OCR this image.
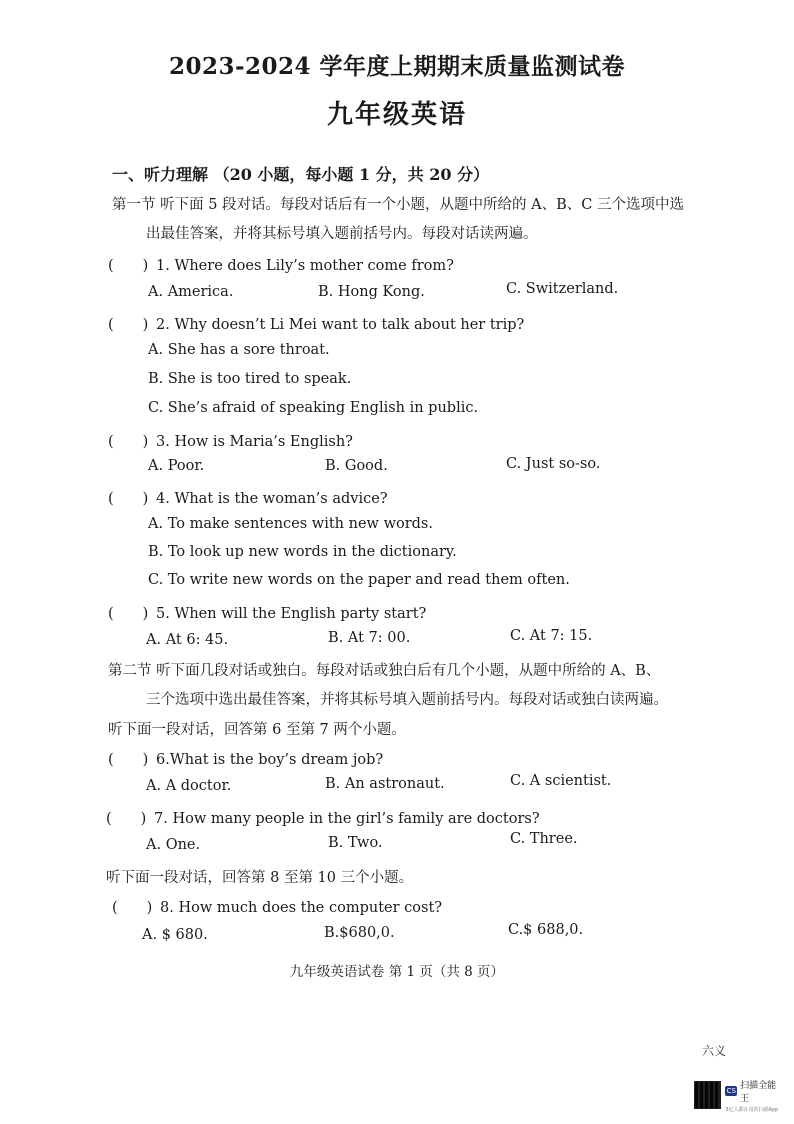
2023-2024 学年度上期期末质量监测试卷
九年级英语
一、听力理解 （20 小题，每小题 1 分，共 20 分）
第一节 听下面 5 段对话。每段对话后有一个小题，从题中所给的 A、B、C 三个选项中选
出最佳答案，并将其标号填入题前括号内。每段对话读两遍。
(　　) 1. Where does Lily’s mother come from?
A. America.	B. Hong Kong.	C. Switzerland.
(　　) 2. Why doesn’t Li Mei want to talk about her trip?
A. She has a sore throat.
B. She is too tired to speak.
C. She’s afraid of speaking English in public.
(　　) 3. How is Maria’s English?
A. Poor.	B. Good.	C. Just so-so.
(　　) 4. What is the woman’s advice?
A. To make sentences with new words.
B. To look up new words in the dictionary.
C. To write new words on the paper and read them often.
(　　) 5. When will the English party start?
A. At 6: 45.	B. At 7: 00.	C. At 7: 15.
第二节 听下面几段对话或独白。每段对话或独白后有几个小题，从题中所给的 A、B、
三个选项中选出最佳答案，并将其标号填入题前括号内。每段对话或独白读两遍。
听下面一段对话，回答第 6 至第 7 两个小题。
(　　) 6.What is the boy’s dream job?
A. A doctor.	B. An astronaut.	C. A scientist.
(　　) 7. How many people in the girl’s family are doctors?
A. One.	B. Two.	C. Three.
听下面一段对话，回答第 8 至第 10 三个小题。
(　　) 8. How much does the computer cost?
A. $ 680.	B.$680,0.	C.$ 688,0.
九年级英语试卷 第 1 页（共 8 页）
六义
CS 扫描全能王
3亿人都在用的扫描App
